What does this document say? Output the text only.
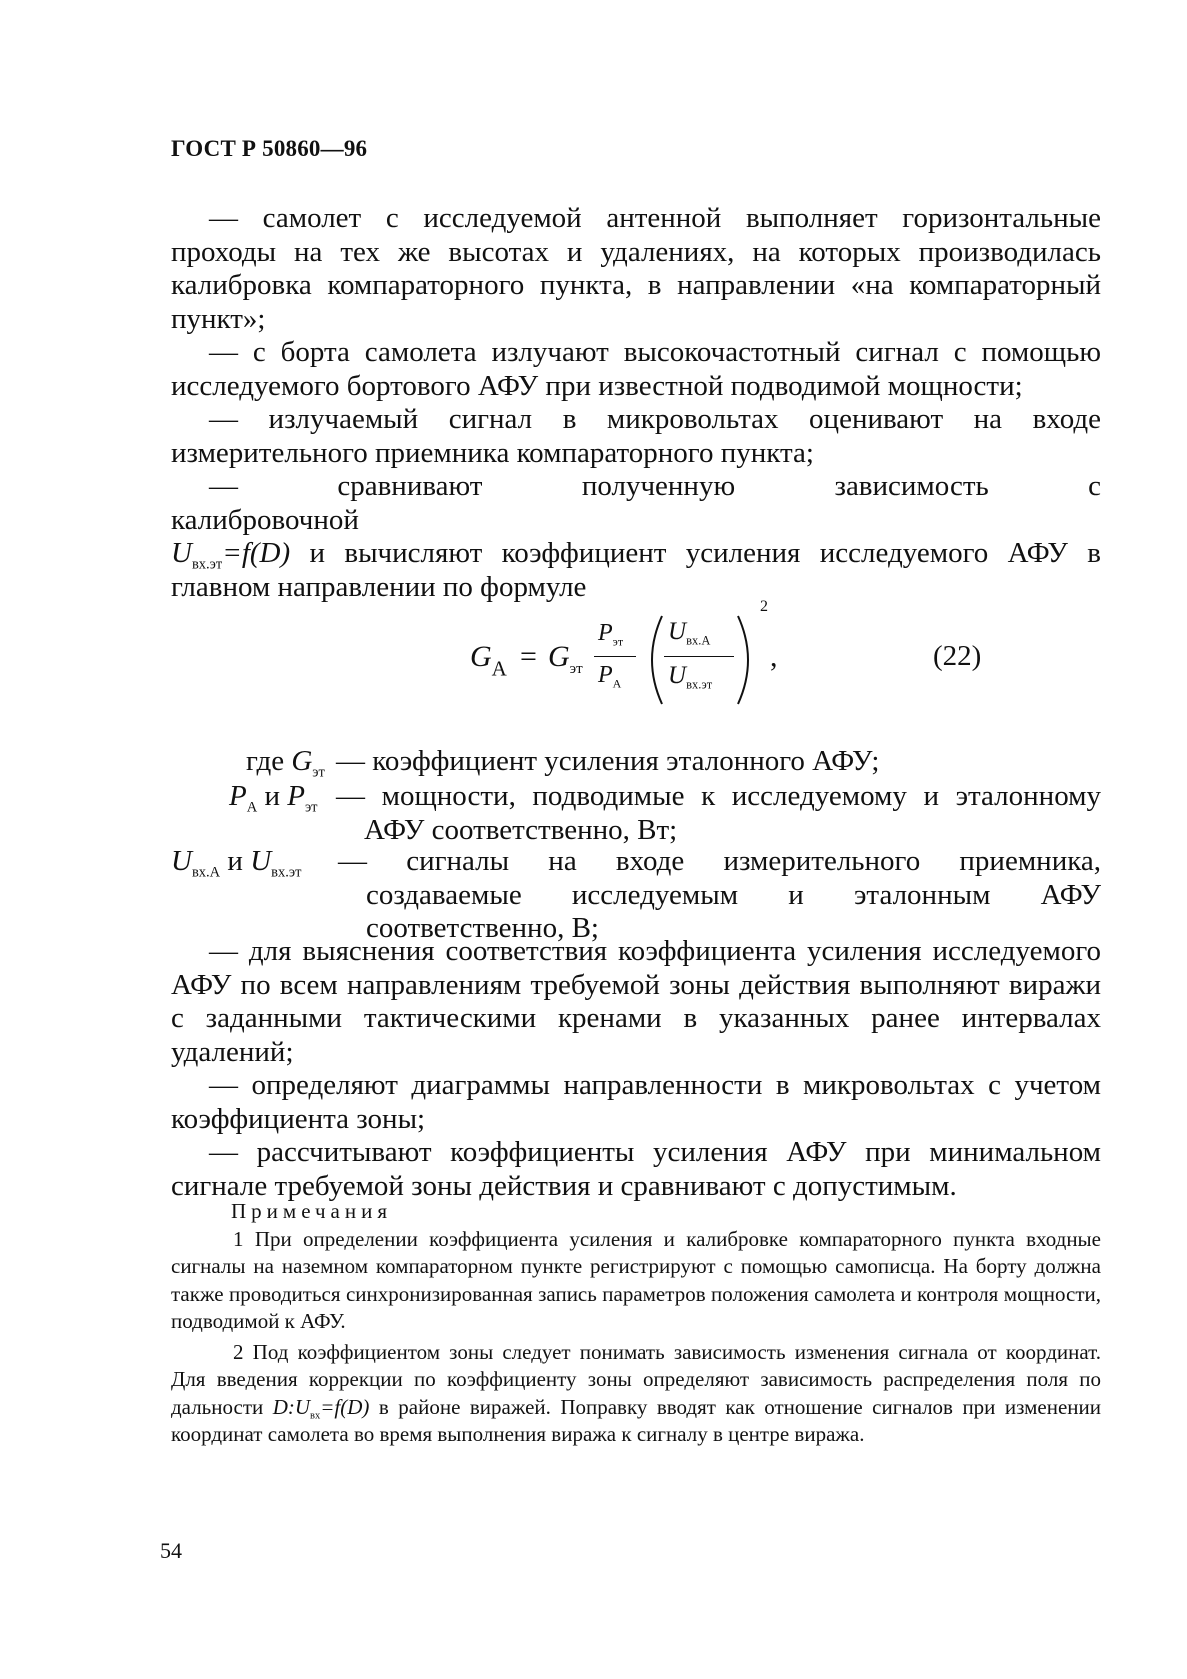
ГОСТ Р 50860—96

— самолет с исследуемой антенной выполняет горизонтальные проходы на тех же высотах и удалениях, на которых производилась калибровка компараторного пункта, в направлении «на компараторный пункт»;

— с борта самолета излучают высокочастотный сигнал с помощью исследуемого бортового АФУ при известной подводимой мощности;

— излучаемый сигнал в микровольтах оценивают на входе измерительного приемника компараторного пункта;

— сравнивают полученную зависимость с калибровочной
$U_{вх.эт}=f(D)$ и вычисляют коэффициент усиления исследуемого АФУ в главном направлении по формуле

$G_A = G_{эт}$
$P_{эт}$
$P_A$
$U_{вх.А}$
$U_{вх.эт}$
2
,	(22)
где $G_{эт}$ — коэффициент усиления эталонного АФУ;
$P_A$ и $P_{эт}$ — мощности, подводимые к исследуемому и эталонному АФУ соответственно, Вт;
$U_{вх.А}$ и $U_{вх.эт}$ — сигналы на входе измерительного приемника, создаваемые исследуемым и эталонным АФУ соответственно, В;

— для выяснения соответствия коэффициента усиления исследуемого АФУ по всем направлениям требуемой зоны действия выполняют виражи с заданными тактическими кренами в указанных ранее интервалах удалений;

— определяют диаграммы направленности в микровольтах с учетом коэффициента зоны;

— рассчитывают коэффициенты усиления АФУ при минимальном сигнале требуемой зоны действия и сравнивают с допустимым.

Примечания

1 При определении коэффициента усиления и калибровке компараторного пункта входные сигналы на наземном компараторном пункте регистрируют с помощью самописца. На борту должна также проводиться синхронизированная запись параметров положения самолета и контроля мощности, подводимой к АФУ.

2 Под коэффициентом зоны следует понимать зависимость изменения сигнала от координат. Для введения коррекции по коэффициенту зоны определяют зависимость распределения поля по дальности $D:U_{вх}=f(D)$ в районе виражей. Поправку вводят как отношение сигналов при изменении координат самолета во время выполнения виража к сигналу в центре виража.

54
